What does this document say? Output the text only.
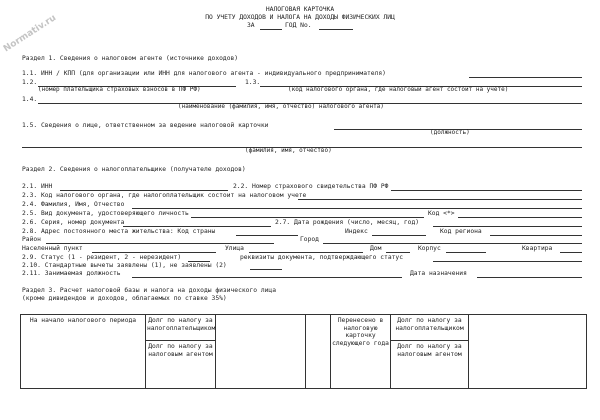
Normativ.ru
НАЛОГОВАЯ КАРТОЧКА
ПО УЧЕТУ ДОХОДОВ И НАЛОГА НА ДОХОДЫ ФИЗИЧЕСКИХ ЛИЦ
ЗА	ГОД No.
Раздел 1. Сведения о налоговом агенте (источнике доходов)
1.1. ИНН / КПП (для организации или ИНН для налогового агента - индивидуального предпринимателя)
1.2.	1.3.
(номер плательщика страховых взносов в ПФ РФ)	(код налогового органа, где налоговый агент состоит на учете)
1.4.
(наименование (фамилия, имя, отчество) налогового агента)
1.5. Сведения о лице, ответственном за ведение налоговой карточки
(должность)
(фамилия, имя, отчество)
Раздел 2. Сведения о налогоплательщике (получателе доходов)
2.1. ИНН	2.2. Номер страхового свидетельства ПФ РФ
2.3. Код налогового органа, где налогоплательщик состоит на налоговом учете
2.4. Фамилия, Имя, Отчество
2.5. Вид документа, удостоверяющего личность	Код <*>
2.6. Серия, номер документа	2.7. Дата рождения (число, месяц, год)
2.8. Адрес постоянного места жительства: Код страны	Индекс	Код региона
Район	Город
Населенный пункт	Улица	Дом	Корпус	Квартира
2.9. Статус (1 - резидент, 2 - нерезидент)	реквизиты документа, подтверждающего статус
2.10. Стандартные вычеты заявлены (1), не заявлены (2)
2.11. Занимаемая должность	Дата назначения
Раздел 3. Расчет налоговой базы и налога на доходы физического лица
(кроме дивидендов и доходов, облагаемых по ставке 35%)
На начало налогового периода	Долг по налогу за налогоплательщиком			Перенесено в налоговую карточку следующего года	Долг по налогу за налогоплательщиком	
	Долг по налогу за налоговым агентом				Долг по налогу за налоговым агентом	
